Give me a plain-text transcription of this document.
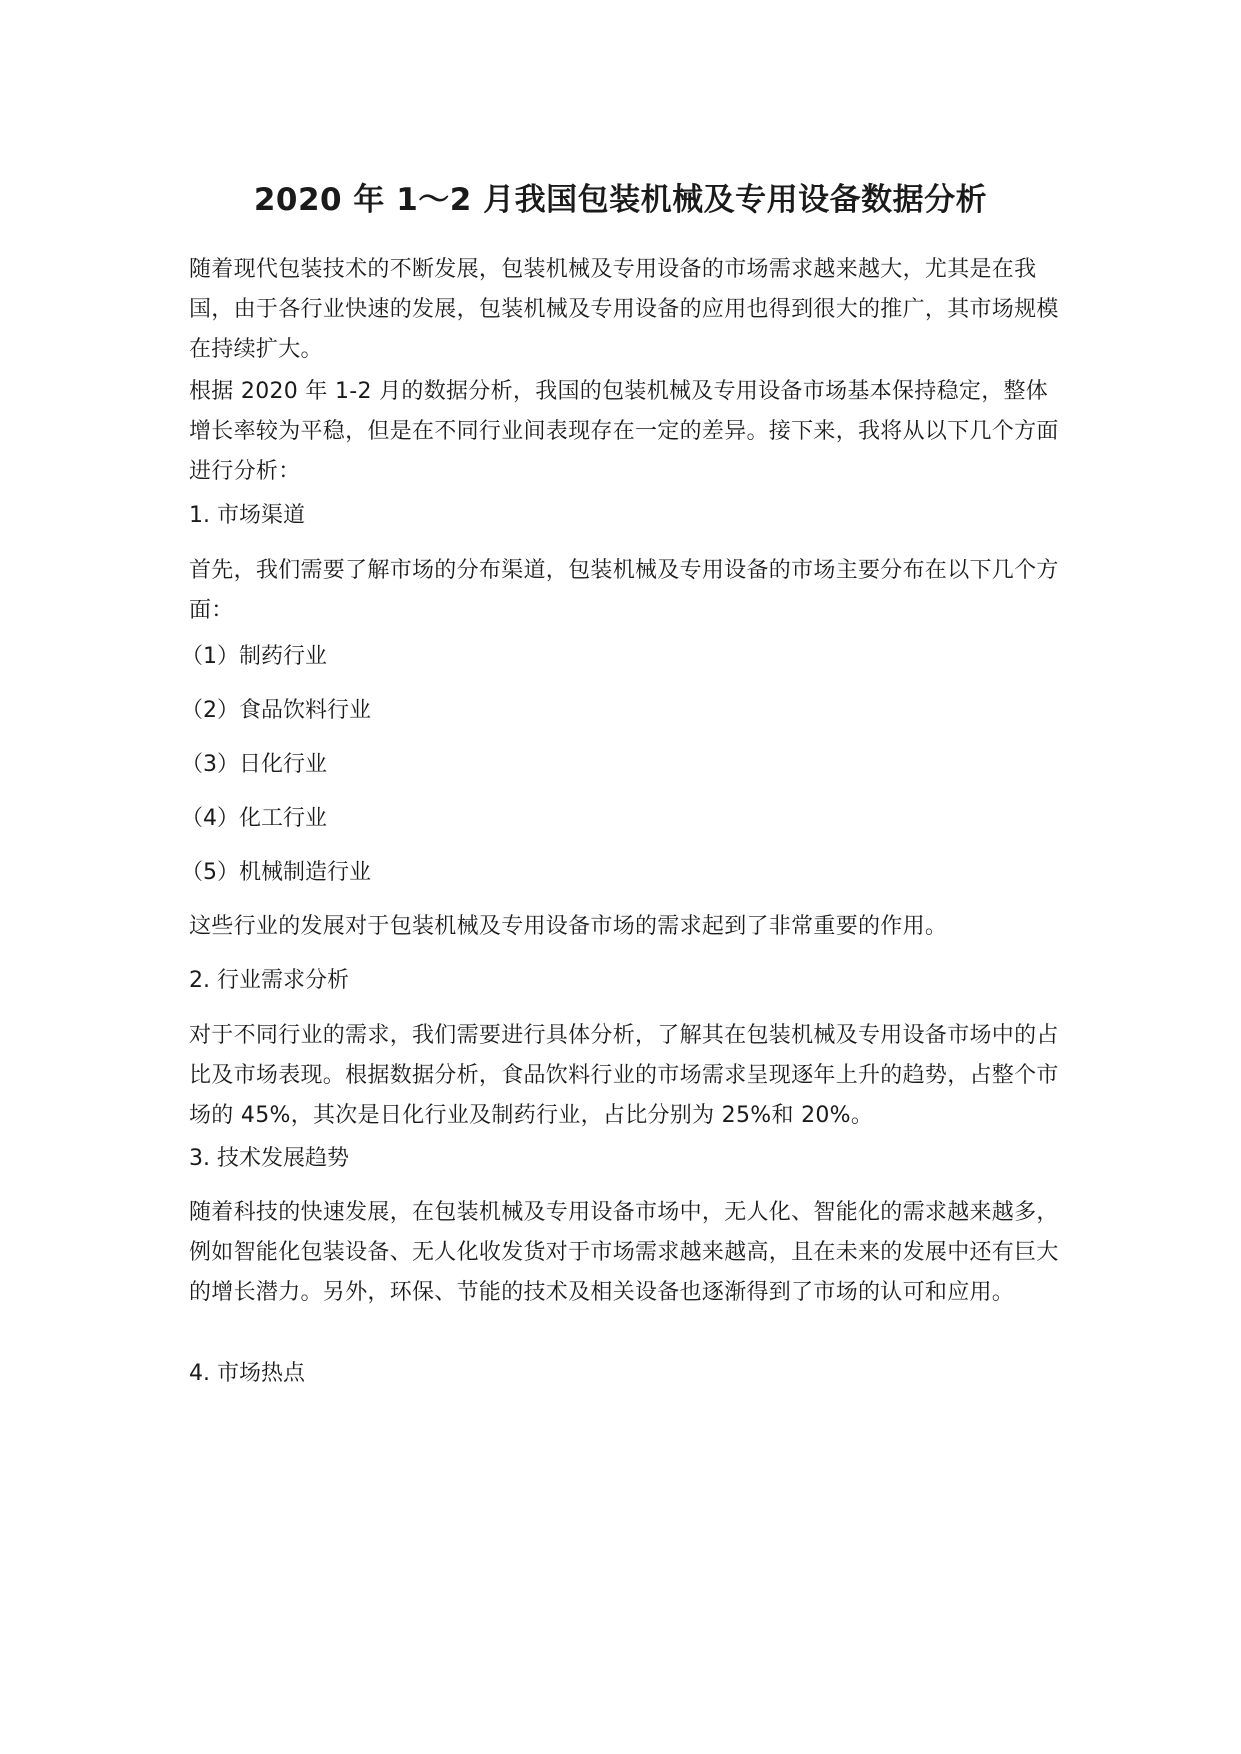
2020 年 1～2 月我国包装机械及专用设备数据分析

随着现代包装技术的不断发展，包装机械及专用设备的市场需求越来越大，尤其是在我国，由于各行业快速的发展，包装机械及专用设备的应用也得到很大的推广，其市场规模在持续扩大。

根据 2020 年 1-2 月的数据分析，我国的包装机械及专用设备市场基本保持稳定，整体增长率较为平稳，但是在不同行业间表现存在一定的差异。接下来，我将从以下几个方面进行分析：

1. 市场渠道

首先，我们需要了解市场的分布渠道，包装机械及专用设备的市场主要分布在以下几个方面：

（1）制药行业

（2）食品饮料行业

（3）日化行业

（4）化工行业

（5）机械制造行业

这些行业的发展对于包装机械及专用设备市场的需求起到了非常重要的作用。

2. 行业需求分析

对于不同行业的需求，我们需要进行具体分析，了解其在包装机械及专用设备市场中的占比及市场表现。根据数据分析，食品饮料行业的市场需求呈现逐年上升的趋势，占整个市场的 45%，其次是日化行业及制药行业，占比分别为 25%和 20%。

3. 技术发展趋势

随着科技的快速发展，在包装机械及专用设备市场中，无人化、智能化的需求越来越多，例如智能化包装设备、无人化收发货对于市场需求越来越高，且在未来的发展中还有巨大的增长潜力。另外，环保、节能的技术及相关设备也逐渐得到了市场的认可和应用。

4. 市场热点
